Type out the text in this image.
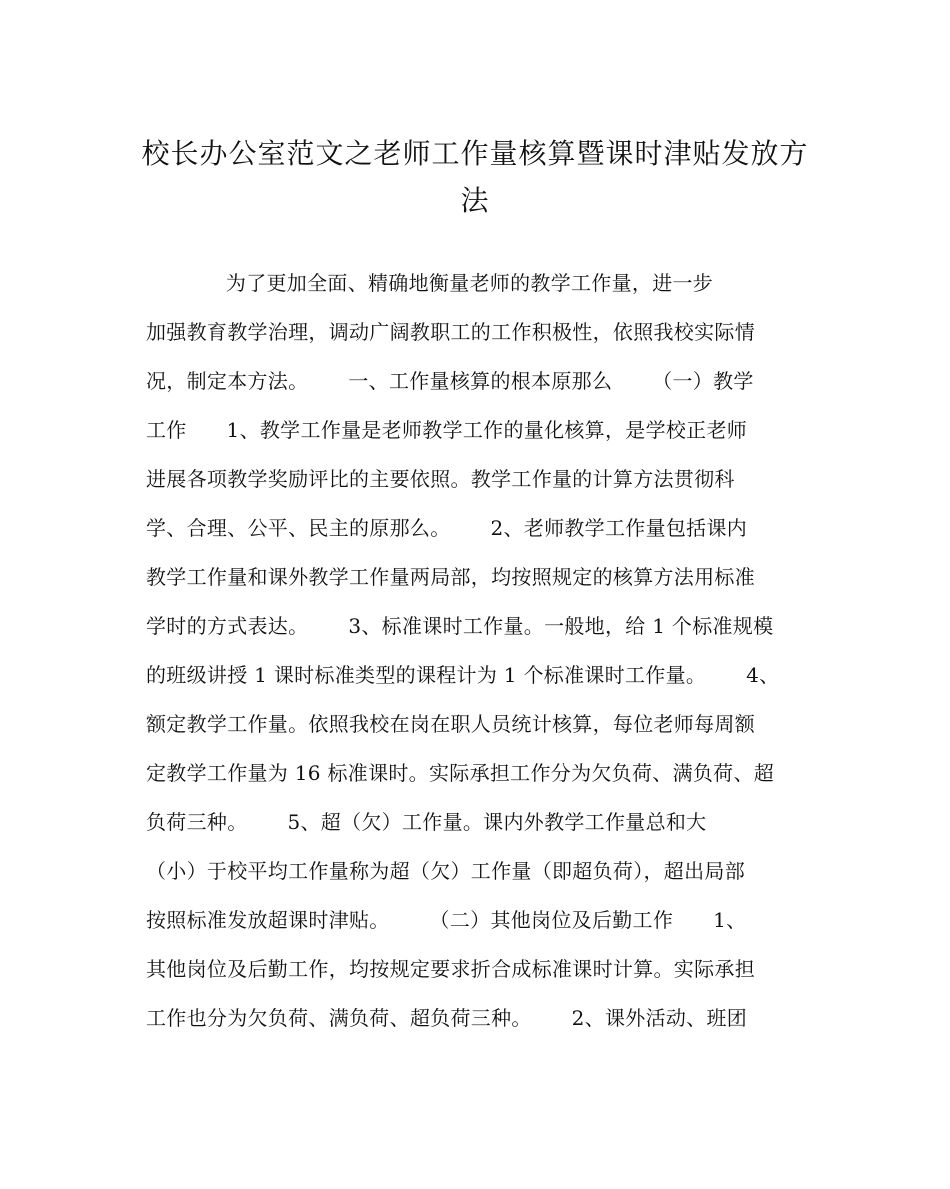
校长办公室范文之老师工作量核算暨课时津贴发放方
法
为了更加全面、精确地衡量老师的教学工作量，进一步
加强教育教学治理，调动广阔教职工的工作积极性，依照我校实际情
况，制定本方法。      一、工作量核算的根本原那么      （一）教学
工作      1、教学工作量是老师教学工作的量化核算，是学校正老师
进展各项教学奖励评比的主要依照。教学工作量的计算方法贯彻科
学、合理、公平、民主的原那么。      2、老师教学工作量包括课内
教学工作量和课外教学工作量两局部，均按照规定的核算方法用标准
学时的方式表达。      3、标准课时工作量。一般地，给 1 个标准规模
的班级讲授 1 课时标准类型的课程计为 1 个标准课时工作量。      4、
额定教学工作量。依照我校在岗在职人员统计核算，每位老师每周额
定教学工作量为 16 标准课时。实际承担工作分为欠负荷、满负荷、超
负荷三种。      5、超（欠）工作量。课内外教学工作量总和大
（小）于校平均工作量称为超（欠）工作量（即超负荷），超出局部
按照标准发放超课时津贴。      （二）其他岗位及后勤工作      1、
其他岗位及后勤工作，均按规定要求折合成标准课时计算。实际承担
工作也分为欠负荷、满负荷、超负荷三种。      2、课外活动、班团
